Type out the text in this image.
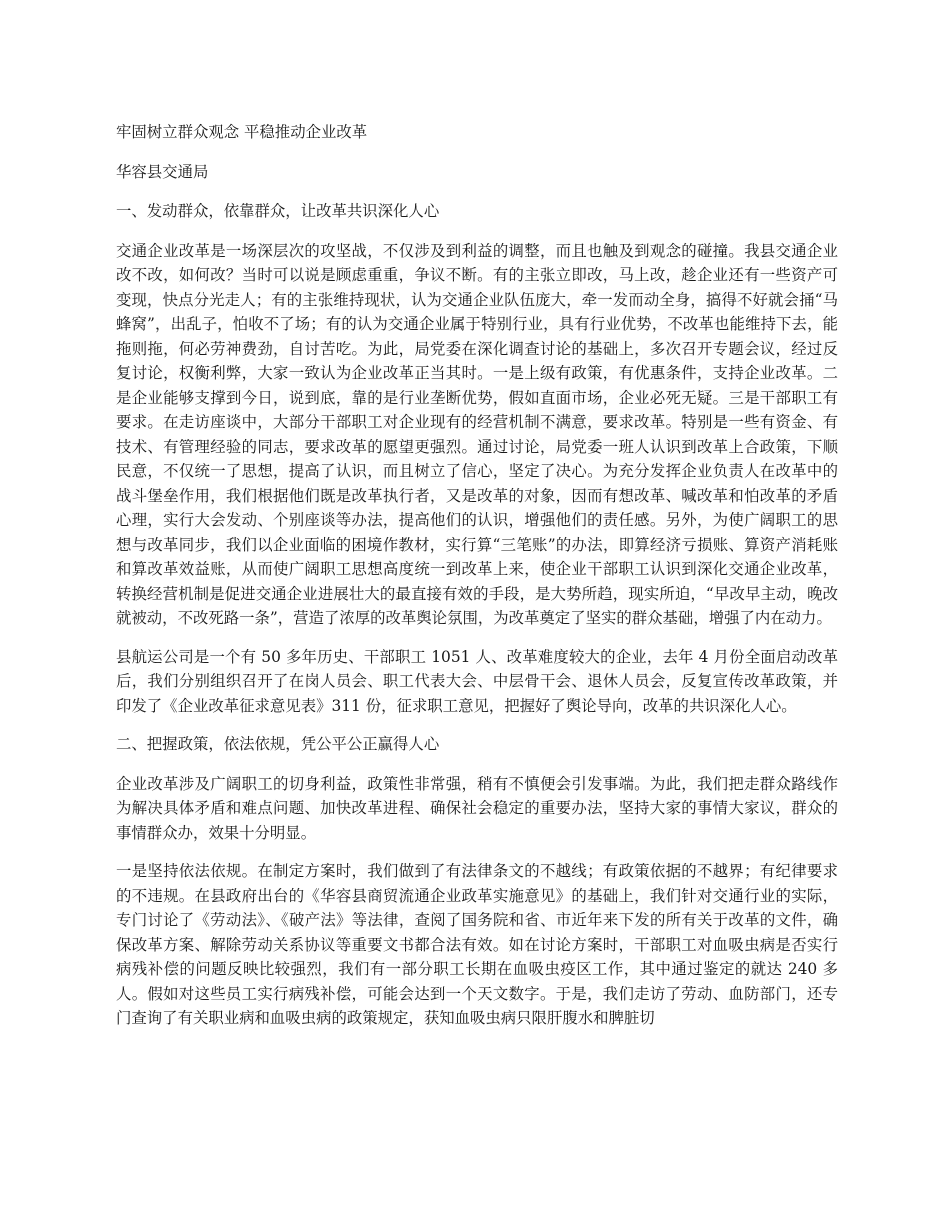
牢固树立群众观念 平稳推动企业改革
华容县交通局
一、发动群众，依靠群众，让改革共识深化人心

交通企业改革是一场深层次的攻坚战，不仅涉及到利益的调整，而且也触及到观念的碰撞。我县交通企业改不改，如何改？当时可以说是顾虑重重，争议不断。有的主张立即改，马上改，趁企业还有一些资产可变现，快点分光走人；有的主张维持现状，认为交通企业队伍庞大，牵一发而动全身，搞得不好就会捅“马蜂窝”，出乱子，怕收不了场；有的认为交通企业属于特别行业，具有行业优势，不改革也能维持下去，能拖则拖，何必劳神费劲，自讨苦吃。为此，局党委在深化调查讨论的基础上，多次召开专题会议，经过反复讨论，权衡利弊，大家一致认为企业改革正当其时。一是上级有政策，有优惠条件，支持企业改革。二是企业能够支撑到今日，说到底，靠的是行业垄断优势，假如直面市场，企业必死无疑。三是干部职工有要求。在走访座谈中，大部分干部职工对企业现有的经营机制不满意，要求改革。特别是一些有资金、有技术、有管理经验的同志，要求改革的愿望更强烈。通过讨论，局党委一班人认识到改革上合政策，下顺民意，不仅统一了思想，提高了认识，而且树立了信心，坚定了决心。为充分发挥企业负责人在改革中的战斗堡垒作用，我们根据他们既是改革执行者，又是改革的对象，因而有想改革、喊改革和怕改革的矛盾心理，实行大会发动、个别座谈等办法，提高他们的认识，增强他们的责任感。另外，为使广阔职工的思想与改革同步，我们以企业面临的困境作教材，实行算“三笔账”的办法，即算经济亏损账、算资产消耗账和算改革效益账，从而使广阔职工思想高度统一到改革上来，使企业干部职工认识到深化交通企业改革，转换经营机制是促进交通企业进展壮大的最直接有效的手段，是大势所趋，现实所迫，“早改早主动，晚改就被动，不改死路一条”，营造了浓厚的改革舆论氛围，为改革奠定了坚实的群众基础，增强了内在动力。

县航运公司是一个有 50 多年历史、干部职工 1051 人、改革难度较大的企业，去年 4 月份全面启动改革后，我们分别组织召开了在岗人员会、职工代表大会、中层骨干会、退休人员会，反复宣传改革政策，并印发了《企业改革征求意见表》311 份，征求职工意见，把握好了舆论导向，改革的共识深化人心。

二、把握政策，依法依规，凭公平公正赢得人心

企业改革涉及广阔职工的切身利益，政策性非常强，稍有不慎便会引发事端。为此，我们把走群众路线作为解决具体矛盾和难点问题、加快改革进程、确保社会稳定的重要办法，坚持大家的事情大家议，群众的事情群众办，效果十分明显。

一是坚持依法依规。在制定方案时，我们做到了有法律条文的不越线；有政策依据的不越界；有纪律要求的不违规。在县政府出台的《华容县商贸流通企业政革实施意见》的基础上，我们针对交通行业的实际，专门讨论了《劳动法》、《破产法》等法律，查阅了国务院和省、市近年来下发的所有关于改革的文件，确保改革方案、解除劳动关系协议等重要文书都合法有效。如在讨论方案时，干部职工对血吸虫病是否实行病残补偿的问题反映比较强烈，我们有一部分职工长期在血吸虫疫区工作，其中通过鉴定的就达 240 多人。假如对这些员工实行病残补偿，可能会达到一个天文数字。于是，我们走访了劳动、血防部门，还专门查询了有关职业病和血吸虫病的政策规定，获知血吸虫病只限肝腹水和脾脏切
